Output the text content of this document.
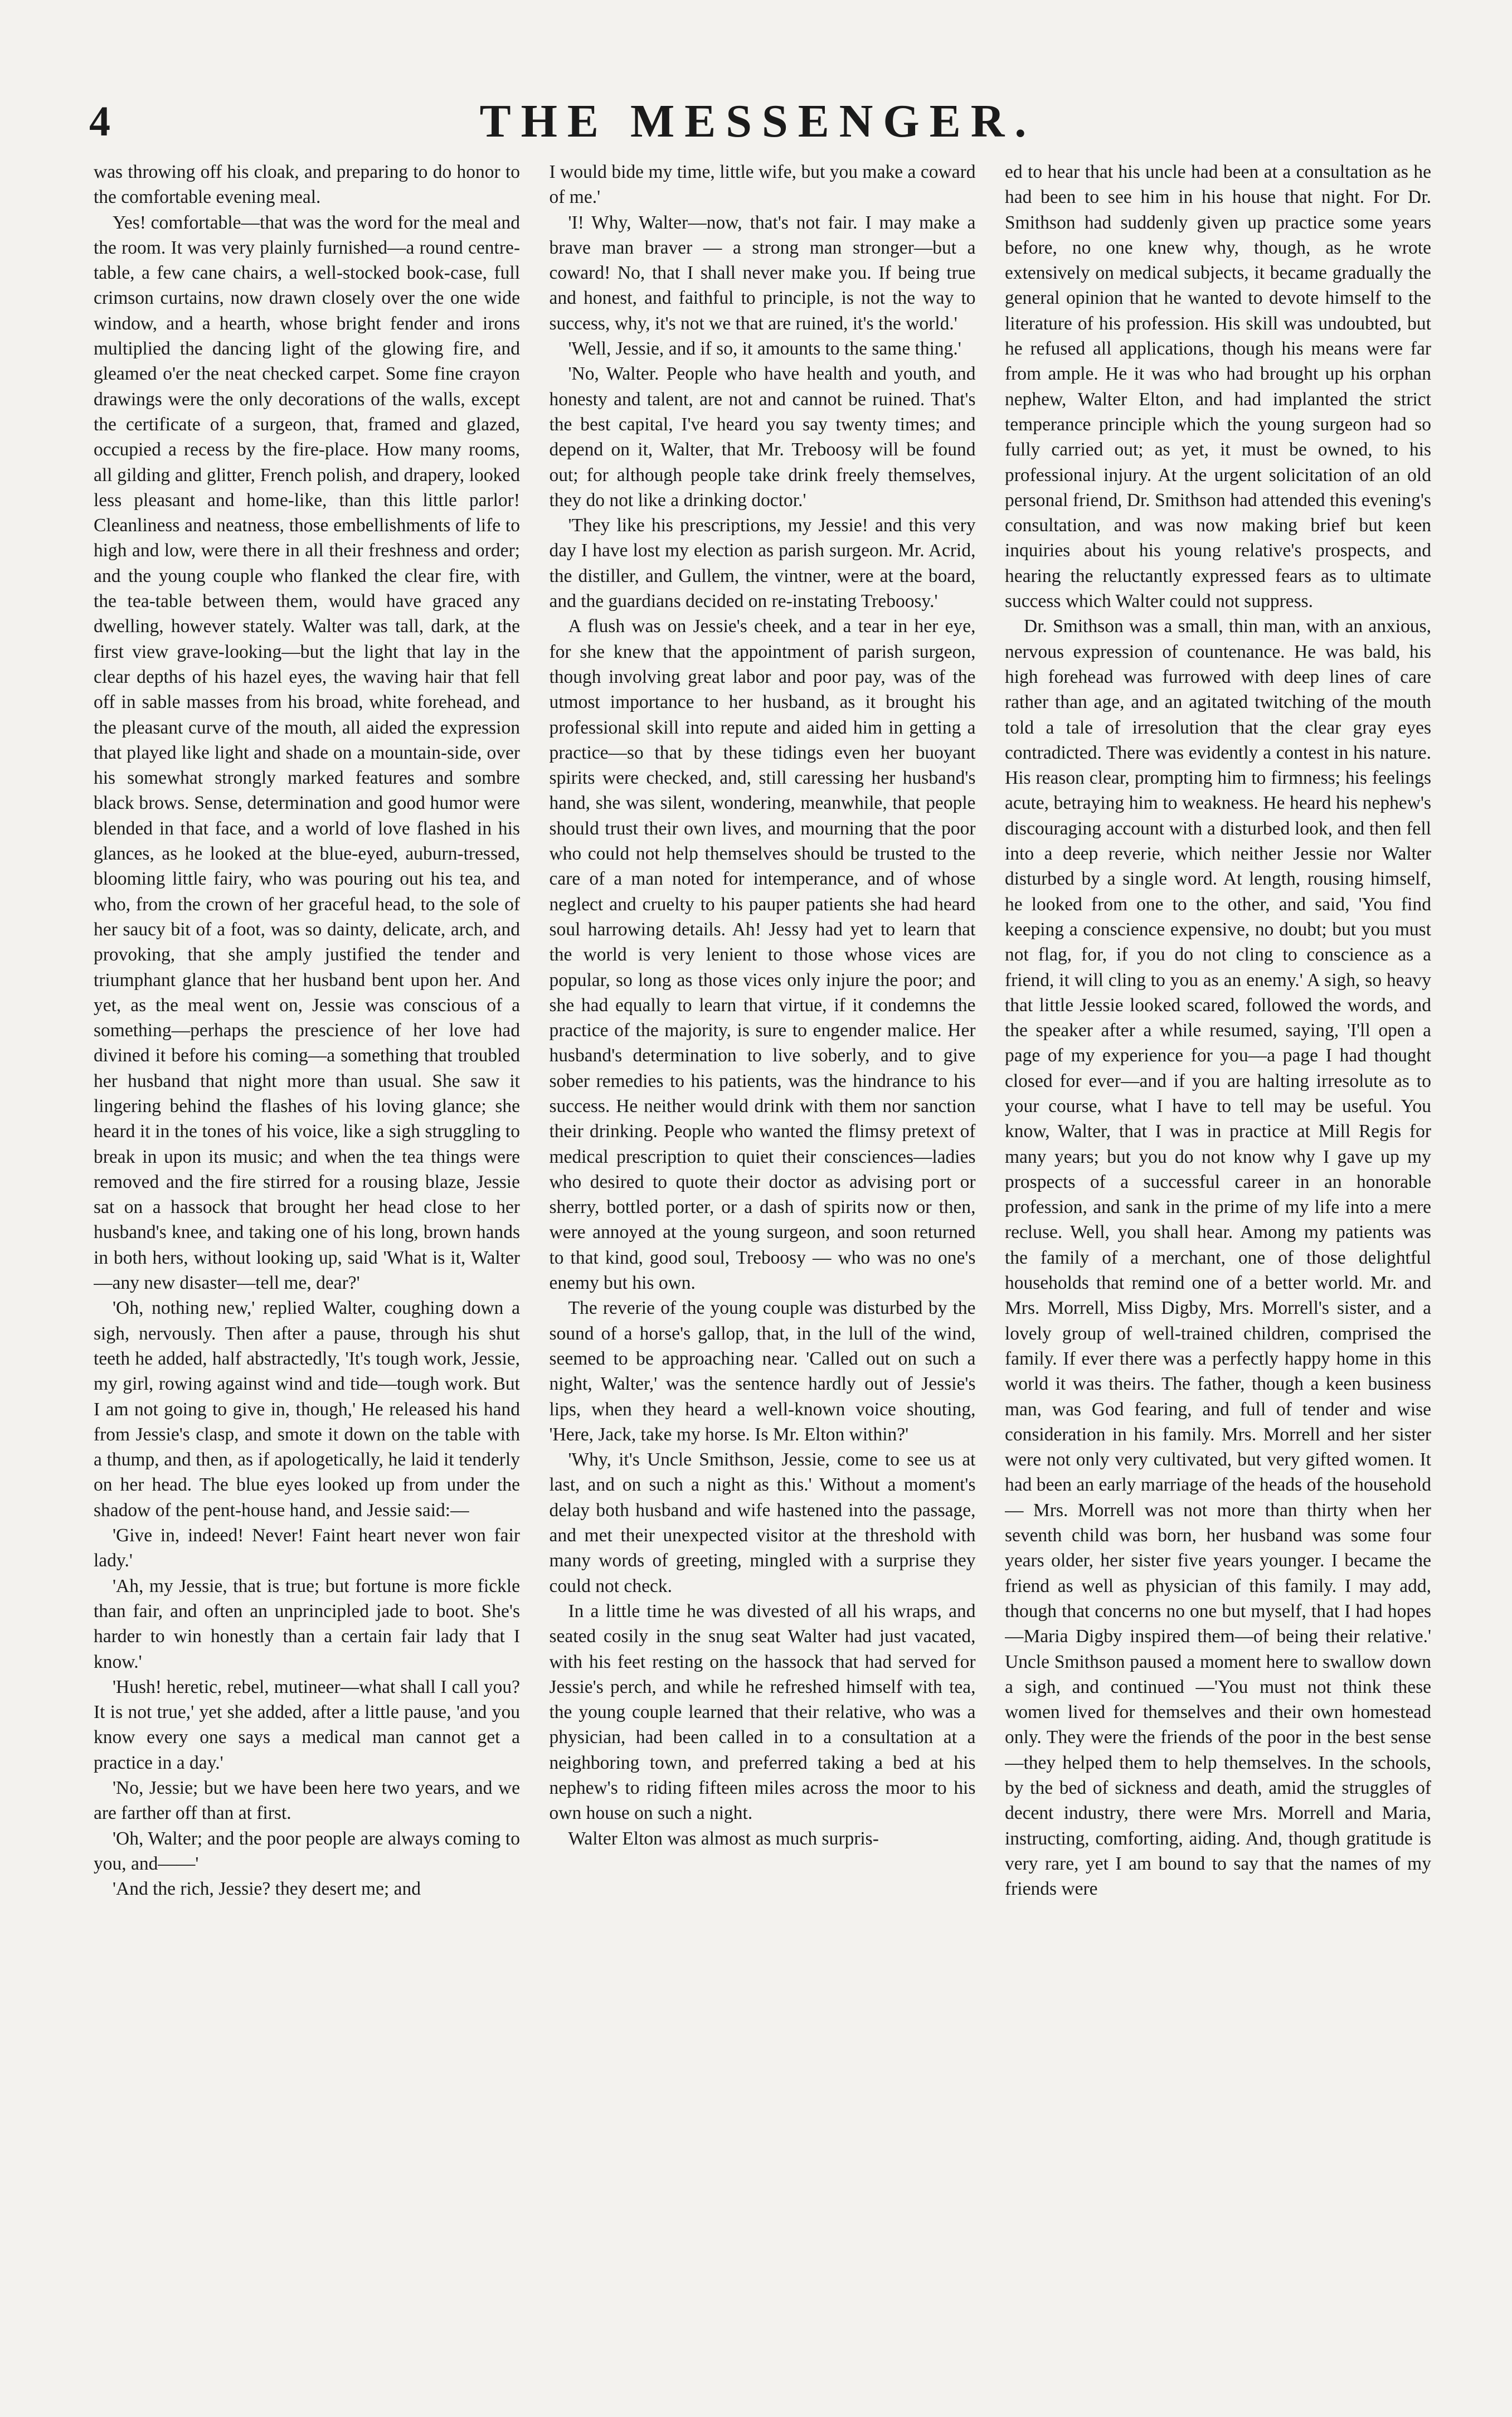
4	THE MESSENGER.

was throwing off his cloak, and preparing to do honor to the comfortable evening meal.

Yes! comfortable—that was the word for the meal and the room. It was very plainly furnished—a round centre-table, a few cane chairs, a well-stocked book-case, full crimson curtains, now drawn closely over the one wide window, and a hearth, whose bright fender and irons multiplied the dancing light of the glowing fire, and gleamed o'er the neat checked carpet. Some fine crayon drawings were the only decorations of the walls, except the certificate of a surgeon, that, framed and glazed, occupied a recess by the fire-place. How many rooms, all gilding and glitter, French polish, and drapery, looked less pleasant and home-like, than this little parlor! Cleanliness and neatness, those embellishments of life to high and low, were there in all their freshness and order; and the young couple who flanked the clear fire, with the tea-table between them, would have graced any dwelling, however stately. Walter was tall, dark, at the first view grave-looking—but the light that lay in the clear depths of his hazel eyes, the waving hair that fell off in sable masses from his broad, white forehead, and the pleasant curve of the mouth, all aided the expression that played like light and shade on a mountain-side, over his somewhat strongly marked features and sombre black brows. Sense, determination and good humor were blended in that face, and a world of love flashed in his glances, as he looked at the blue-eyed, auburn-tressed, blooming little fairy, who was pouring out his tea, and who, from the crown of her graceful head, to the sole of her saucy bit of a foot, was so dainty, delicate, arch, and provoking, that she amply justified the tender and triumphant glance that her husband bent upon her. And yet, as the meal went on, Jessie was conscious of a something—perhaps the prescience of her love had divined it before his coming—a something that troubled her husband that night more than usual. She saw it lingering behind the flashes of his loving glance; she heard it in the tones of his voice, like a sigh struggling to break in upon its music; and when the tea things were removed and the fire stirred for a rousing blaze, Jessie sat on a hassock that brought her head close to her husband's knee, and taking one of his long, brown hands in both hers, without looking up, said 'What is it, Walter—any new disaster—tell me, dear?'

'Oh, nothing new,' replied Walter, coughing down a sigh, nervously. Then after a pause, through his shut teeth he added, half abstractedly, 'It's tough work, Jessie, my girl, rowing against wind and tide—tough work. But I am not going to give in, though,' He released his hand from Jessie's clasp, and smote it down on the table with a thump, and then, as if apologetically, he laid it tenderly on her head. The blue eyes looked up from under the shadow of the pent-house hand, and Jessie said:—

'Give in, indeed! Never! Faint heart never won fair lady.'

'Ah, my Jessie, that is true; but fortune is more fickle than fair, and often an unprincipled jade to boot. She's harder to win honestly than a certain fair lady that I know.'

'Hush! heretic, rebel, mutineer—what shall I call you? It is not true,' yet she added, after a little pause, 'and you know every one says a medical man cannot get a practice in a day.'

'No, Jessie; but we have been here two years, and we are farther off than at first.

'Oh, Walter; and the poor people are always coming to you, and——'

'And the rich, Jessie? they desert me; and

I would bide my time, little wife, but you make a coward of me.'

'I! Why, Walter—now, that's not fair. I may make a brave man braver — a strong man stronger—but a coward! No, that I shall never make you. If being true and honest, and faithful to principle, is not the way to success, why, it's not we that are ruined, it's the world.'

'Well, Jessie, and if so, it amounts to the same thing.'

'No, Walter. People who have health and youth, and honesty and talent, are not and cannot be ruined. That's the best capital, I've heard you say twenty times; and depend on it, Walter, that Mr. Treboosy will be found out; for although people take drink freely themselves, they do not like a drinking doctor.'

'They like his prescriptions, my Jessie! and this very day I have lost my election as parish surgeon. Mr. Acrid, the distiller, and Gullem, the vintner, were at the board, and the guardians decided on re-instating Treboosy.'

A flush was on Jessie's cheek, and a tear in her eye, for she knew that the appointment of parish surgeon, though involving great labor and poor pay, was of the utmost importance to her husband, as it brought his professional skill into repute and aided him in getting a practice—so that by these tidings even her buoyant spirits were checked, and, still caressing her husband's hand, she was silent, wondering, meanwhile, that people should trust their own lives, and mourning that the poor who could not help themselves should be trusted to the care of a man noted for intemperance, and of whose neglect and cruelty to his pauper patients she had heard soul harrowing details. Ah! Jessy had yet to learn that the world is very lenient to those whose vices are popular, so long as those vices only injure the poor; and she had equally to learn that virtue, if it condemns the practice of the majority, is sure to engender malice. Her husband's determination to live soberly, and to give sober remedies to his patients, was the hindrance to his success. He neither would drink with them nor sanction their drinking. People who wanted the flimsy pretext of medical prescription to quiet their consciences—ladies who desired to quote their doctor as advising port or sherry, bottled porter, or a dash of spirits now or then, were annoyed at the young surgeon, and soon returned to that kind, good soul, Treboosy — who was no one's enemy but his own.

The reverie of the young couple was disturbed by the sound of a horse's gallop, that, in the lull of the wind, seemed to be approaching near. 'Called out on such a night, Walter,' was the sentence hardly out of Jessie's lips, when they heard a well-known voice shouting, 'Here, Jack, take my horse. Is Mr. Elton within?'

'Why, it's Uncle Smithson, Jessie, come to see us at last, and on such a night as this.' Without a moment's delay both husband and wife hastened into the passage, and met their unexpected visitor at the threshold with many words of greeting, mingled with a surprise they could not check.

In a little time he was divested of all his wraps, and seated cosily in the snug seat Walter had just vacated, with his feet resting on the hassock that had served for Jessie's perch, and while he refreshed himself with tea, the young couple learned that their relative, who was a physician, had been called in to a consultation at a neighboring town, and preferred taking a bed at his nephew's to riding fifteen miles across the moor to his own house on such a night.

Walter Elton was almost as much surpris-

ed to hear that his uncle had been at a consultation as he had been to see him in his house that night. For Dr. Smithson had suddenly given up practice some years before, no one knew why, though, as he wrote extensively on medical subjects, it became gradually the general opinion that he wanted to devote himself to the literature of his profession. His skill was undoubted, but he refused all applications, though his means were far from ample. He it was who had brought up his orphan nephew, Walter Elton, and had implanted the strict temperance principle which the young surgeon had so fully carried out; as yet, it must be owned, to his professional injury. At the urgent solicitation of an old personal friend, Dr. Smithson had attended this evening's consultation, and was now making brief but keen inquiries about his young relative's prospects, and hearing the reluctantly expressed fears as to ultimate success which Walter could not suppress.

Dr. Smithson was a small, thin man, with an anxious, nervous expression of countenance. He was bald, his high forehead was furrowed with deep lines of care rather than age, and an agitated twitching of the mouth told a tale of irresolution that the clear gray eyes contradicted. There was evidently a contest in his nature. His reason clear, prompting him to firmness; his feelings acute, betraying him to weakness. He heard his nephew's discouraging account with a disturbed look, and then fell into a deep reverie, which neither Jessie nor Walter disturbed by a single word. At length, rousing himself, he looked from one to the other, and said, 'You find keeping a conscience expensive, no doubt; but you must not flag, for, if you do not cling to conscience as a friend, it will cling to you as an enemy.' A sigh, so heavy that little Jessie looked scared, followed the words, and the speaker after a while resumed, saying, 'I'll open a page of my experience for you—a page I had thought closed for ever—and if you are halting irresolute as to your course, what I have to tell may be useful. You know, Walter, that I was in practice at Mill Regis for many years; but you do not know why I gave up my prospects of a successful career in an honorable profession, and sank in the prime of my life into a mere recluse. Well, you shall hear. Among my patients was the family of a merchant, one of those delightful households that remind one of a better world. Mr. and Mrs. Morrell, Miss Digby, Mrs. Morrell's sister, and a lovely group of well-trained children, comprised the family. If ever there was a perfectly happy home in this world it was theirs. The father, though a keen business man, was God fearing, and full of tender and wise consideration in his family. Mrs. Morrell and her sister were not only very cultivated, but very gifted women. It had been an early marriage of the heads of the household — Mrs. Morrell was not more than thirty when her seventh child was born, her husband was some four years older, her sister five years younger. I became the friend as well as physician of this family. I may add, though that concerns no one but myself, that I had hopes—Maria Digby inspired them—of being their relative.' Uncle Smithson paused a moment here to swallow down a sigh, and continued —'You must not think these women lived for themselves and their own homestead only. They were the friends of the poor in the best sense—they helped them to help themselves. In the schools, by the bed of sickness and death, amid the struggles of decent industry, there were Mrs. Morrell and Maria, instructing, comforting, aiding. And, though gratitude is very rare, yet I am bound to say that the names of my friends were
